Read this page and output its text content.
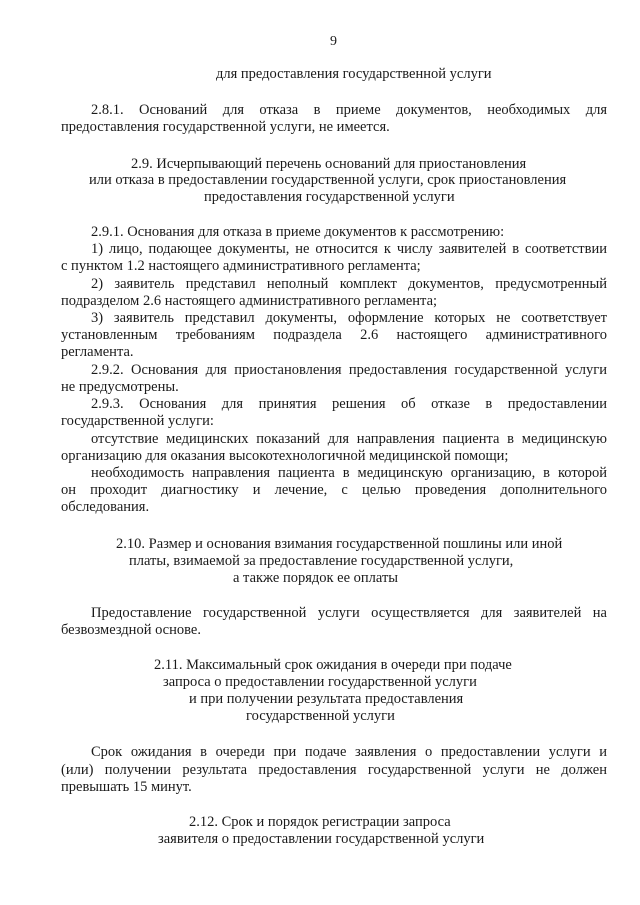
9
для предоставления государственной услуги
2.8.1. Оснований для отказа в приеме документов, необходимых для
предоставления государственной услуги, не имеется.
2.9. Исчерпывающий перечень оснований для приостановления
или отказа в предоставлении государственной услуги, срок приостановления
предоставления государственной услуги
2.9.1. Основания для отказа в приеме документов к рассмотрению:
1) лицо, подающее документы, не относится к числу заявителей в соответствии
с пунктом 1.2 настоящего административного регламента;
2) заявитель представил неполный комплект документов, предусмотренный
подразделом 2.6 настоящего административного регламента;
3) заявитель представил документы, оформление которых не соответствует
установленным требованиям подраздела 2.6 настоящего административного
регламента.
2.9.2. Основания для приостановления предоставления государственной услуги
не предусмотрены.
2.9.3. Основания для принятия решения об отказе в предоставлении
государственной услуги:
отсутствие медицинских показаний для направления пациента в медицинскую
организацию для оказания высокотехнологичной медицинской помощи;
необходимость направления пациента в медицинскую организацию, в которой
он проходит диагностику и лечение, с целью проведения дополнительного
обследования.
2.10. Размер и основания взимания государственной пошлины или иной
платы, взимаемой за предоставление государственной услуги,
а также порядок ее оплаты
Предоставление государственной услуги осуществляется для заявителей на
безвозмездной основе.
2.11. Максимальный срок ожидания в очереди при подаче
запроса о предоставлении государственной услуги
и при получении результата предоставления
государственной услуги
Срок ожидания в очереди при подаче заявления о предоставлении услуги и
(или) получении результата предоставления государственной услуги не должен
превышать 15 минут.
2.12. Срок и порядок регистрации запроса
заявителя о предоставлении государственной услуги
